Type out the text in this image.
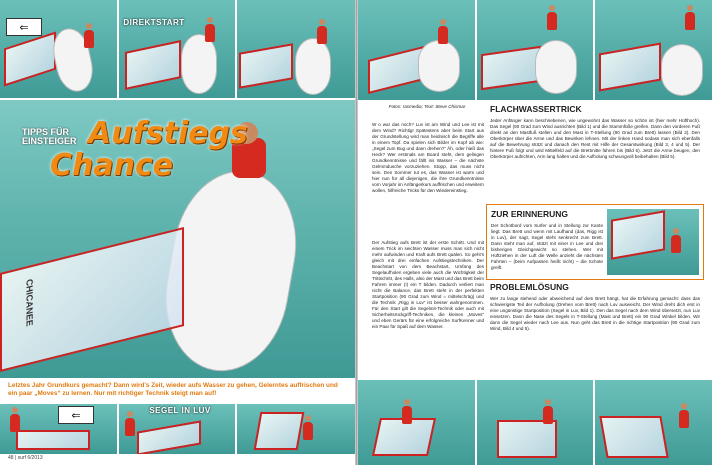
⇐	DIREKTSTART
CHICANEE
TIPPS FÜR
EINSTEIGER Aufstiegs
Chance
Letztes Jahr Grundkurs gemacht? Dann wird's Zeit, wieder aufs Wasser zu gehen, Gelerntes auffrischen und ein paar „Moves“ zu lernen. Nur mit richtiger Technik steigt man auf!
⇐	SEGEL IN LUV
48 | surf 6/2013
Fotos: rasmedia; Text: Steve Chismar
W o war das noch? Luv ist am Wind und Lee ist mit dem Wind? Richtig! Spätestens aber beim Start aus der Grundstellung wird man heidnisch die Begriffe alle in einem Topf. Da spielen sich Bilder im Kopf ab wie: „Segel zum Bug und dann drehen?“ Äh, oder hieß das Heck? Wer erstmals am Board steht, dem gelingen Grundkenntnisse und fällt ins Wasser – die nächste Gelmmdusche vorzuziehen. Stopp, das muss nicht sein. Den Sommer tut es, das Wasser ist warm und hier nun für all diejenigen, die ihre Grundkenntnisse vom Vorjahr im Anfängerkurs auffrischen und erweitern wollen, hilfreiche Tricks für den Wiedereinstieg.
Der Aufstieg aufs Brett ist der erste Schritt. Und mit einem Trick im seichten Wasser muss man sich nicht mehr aufwinden und Kraft aufs Brett quälen. So geht's gleich mit drei einfachen Aufstiegstechniken. Der Beachstart von dem Beachstart, Umfang des Segelaufholen ergeben viele auch die Wichtigkeit der Trittschritt, des Halls, also der Mast und das Brett beim Fahren immer (!) ein T bilden. Dadurch verliert man nicht die Balance, das Brett steht in der perfekten Startposition (90 Grad zum Wind = mittelschräg) und die Technik „Rigg in Luv“ ist besser wahrgenommen. Für den Start gilt die Segelmit-Technik oder auch mit Sicherheitsrückgriff-Techniken, die kleinen „Moves“ und eben Gerärs für eine erfolgreiche SurfKenner und ein Paar für Spaß auf dem Wasser.
FLACHWASSERTRICK
Jeder Anfänger kann beschriebenen, wie ungewohnt das Wasser so schön ist (hier mehr Hüfthoch). Das Segel (90 Grad zum Wind ausrichten (Bild 1) und die Stammfüße greifen. Dann den vorderen Fuß direkt an den Mastfuß stellen und den Mast in T-Stellung (90 Grad zum Brett) lassen (Bild 2). Den Oberkörper über die Arme und das Bewirken lehnen. Mit der linken Hand sodass man sich ebenfalls auf die Bewehrung stützt und danach den Rest mit Hilfe der Gesamtwirkung (Bild 3, 4 und 5). Der hintere Fuß folgt und wird Mittelfeld auf die Brettmitte führen bis (Bild 6). Jetzt die Arme beugen, den Oberkörper aufrichten, Arm lang halten und die Aufholung schwungvoll beibehalten (Bild 5).
ZUR ERINNERUNG
Der Schotbord vom Surfer und in Stellung zur Kante liegt. Das Brett und wenn mit Laufhand (das, Rigg ist in Luv), der sagt, Segel steht senkrecht zum Brett. Dann steht man auf, stützt mit einer in Lee und drei bisherigen Gleichgewicht so stehen. Wer mit Hüftziehen in der Luft die Welle anzieht die nächsten Fahrten – (beim Aufpassen heißt nicht) – die Schote greift.
PROBLEMLÖSUNG
Wer zu lange stehend oder abweichend auf dem Brett hängt, hat die Erfahrung gemacht: dass das schwierigste Teil der Aufholung (Drehen vom Brett) nach Luv ausweicht. Der Wind dreht dich erst in eine ungünstige Startposition (Segel in Luv, Bild 1). Den das Segel nach dem Wind übersetzt, nun Luv einsetzen. Dann die Nase des Segels in T-Stellung (Mast und Brett) ein 90 Grad Winkel bilden. Wir dann die Segel wieder nach Lee aus. Nun geht das Brett in die richtige Startposition (90 Grad zum Wind, Bild 4 und 5).
